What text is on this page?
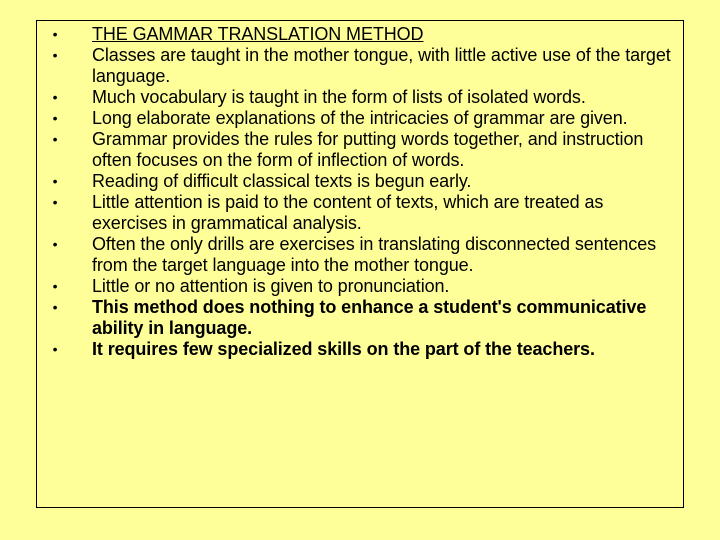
• THE GAMMAR TRANSLATION METHOD
• Classes are taught in the mother tongue, with little active use of the target language.
• Much vocabulary is taught in the form of lists of isolated words.
• Long elaborate explanations of the intricacies of grammar are given.
• Grammar provides the rules for putting words together, and instruction often focuses on the form of inflection of words.
• Reading of difficult classical texts is begun early.
• Little attention is paid to the content of texts, which are treated as exercises in grammatical analysis.
• Often the only drills are exercises in translating disconnected sentences from the target language into the mother tongue.
• Little or no attention is given to pronunciation.
• This method does nothing to enhance a student's communicative ability in language.
• It requires few specialized skills on the part of the teachers.
